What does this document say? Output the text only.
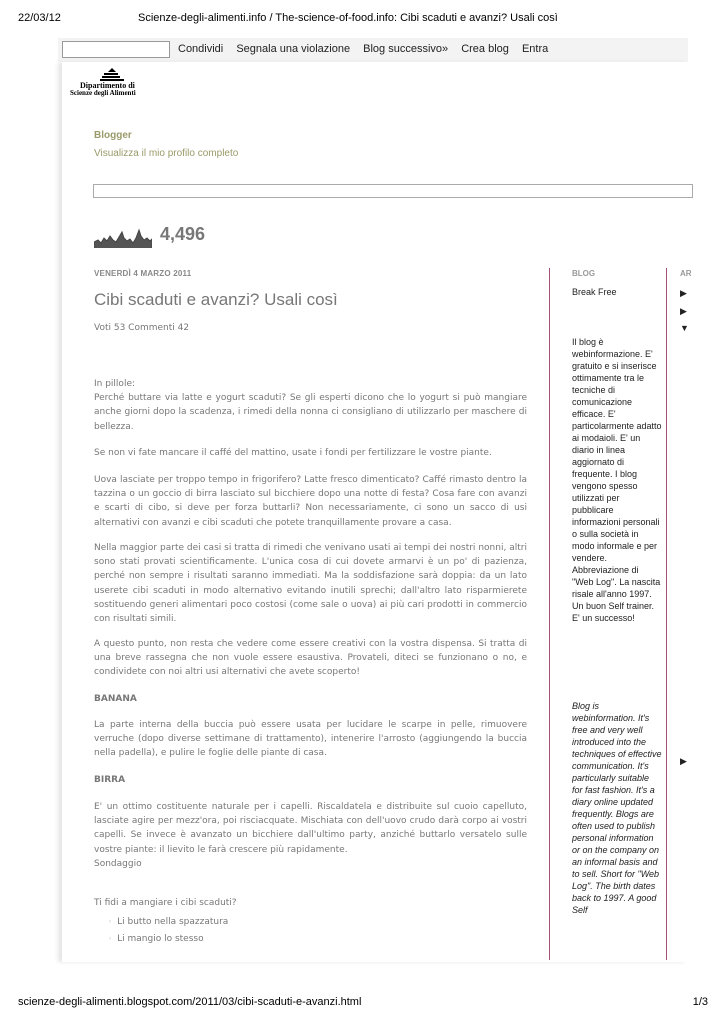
22/03/12	Scienze-degli-alimenti.info / The-science-of-food.info: Cibi scaduti e avanzi? Usali così
Condividi Segnala una violazione Blog successivo» Crea blog Entra
Dipartimento di
Scienze degli Alimenti
Blogger
Visualizza il mio profilo completo
4,496
VENERDÌ 4 MARZO 2011
Cibi scaduti e avanzi? Usali così
Voti 53 Commenti 42
In pillole:
Perché buttare via latte e yogurt scaduti? Se gli esperti dicono che lo yogurt si può mangiare anche giorni dopo la scadenza, i rimedi della nonna ci consigliano di utilizzarlo per maschere di bellezza.
Se non vi fate mancare il caffé del mattino, usate i fondi per fertilizzare le vostre piante.
Uova lasciate per troppo tempo in frigorifero? Latte fresco dimenticato? Caffé rimasto dentro la tazzina o un goccio di birra lasciato sul bicchiere dopo una notte di festa? Cosa fare con avanzi e scarti di cibo, si deve per forza buttarli? Non necessariamente, ci sono un sacco di usi alternativi con avanzi e cibi scaduti che potete tranquillamente provare a casa.
Nella maggior parte dei casi si tratta di rimedi che venivano usati ai tempi dei nostri nonni, altri sono stati provati scientificamente. L'unica cosa di cui dovete armarvi è un po' di pazienza, perché non sempre i risultati saranno immediati. Ma la soddisfazione sarà doppia: da un lato userete cibi scaduti in modo alternativo evitando inutili sprechi; dall'altro lato risparmierete sostituendo generi alimentari poco costosi (come sale o uova) ai più cari prodotti in commercio con risultati simili.
A questo punto, non resta che vedere come essere creativi con la vostra dispensa. Si tratta di una breve rassegna che non vuole essere esaustiva. Provateli, diteci se funzionano o no, e condividete con noi altri usi alternativi che avete scoperto!
BANANA
La parte interna della buccia può essere usata per lucidare le scarpe in pelle, rimuovere verruche (dopo diverse settimane di trattamento), intenerire l'arrosto (aggiungendo la buccia nella padella), e pulire le foglie delle piante di casa.
BIRRA
E' un ottimo costituente naturale per i capelli. Riscaldatela e distribuite sul cuoio capelluto, lasciate agire per mezz'ora, poi risciacquate. Mischiata con dell'uovo crudo darà corpo ai vostri capelli. Se invece è avanzato un bicchiere dall'ultimo party, anziché buttarlo versatelo sulle vostre piante: il lievito le farà crescere più rapidamente.
Sondaggio
Ti fidi a mangiare i cibi scaduti?
◦ Li butto nella spazzatura
◦ Li mangio lo stesso
BLOG	AR
Break Free
Il blog è webinformazione. E' gratuito e si inserisce ottimamente tra le tecniche di comunicazione efficace. E' particolarmente adatto ai modaioli. E' un diario in linea aggiornato di frequente. I blog vengono spesso utilizzati per pubblicare informazioni personali o sulla società in modo informale e per vendere. Abbreviazione di "Web Log". La nascita risale all'anno 1997. Un buon Self trainer. E' un successo!
Blog is webinformation. It's free and very well introduced into the techniques of effective communication. It's particularly suitable for fast fashion. It's a diary online updated frequently. Blogs are often used to publish personal information or on the company on an informal basis and to sell. Short for "Web Log". The birth dates back to 1997. A good Self
▶
▶
▼
▶
scienze-degli-alimenti.blogspot.com/2011/03/cibi-scaduti-e-avanzi.html	1/3
